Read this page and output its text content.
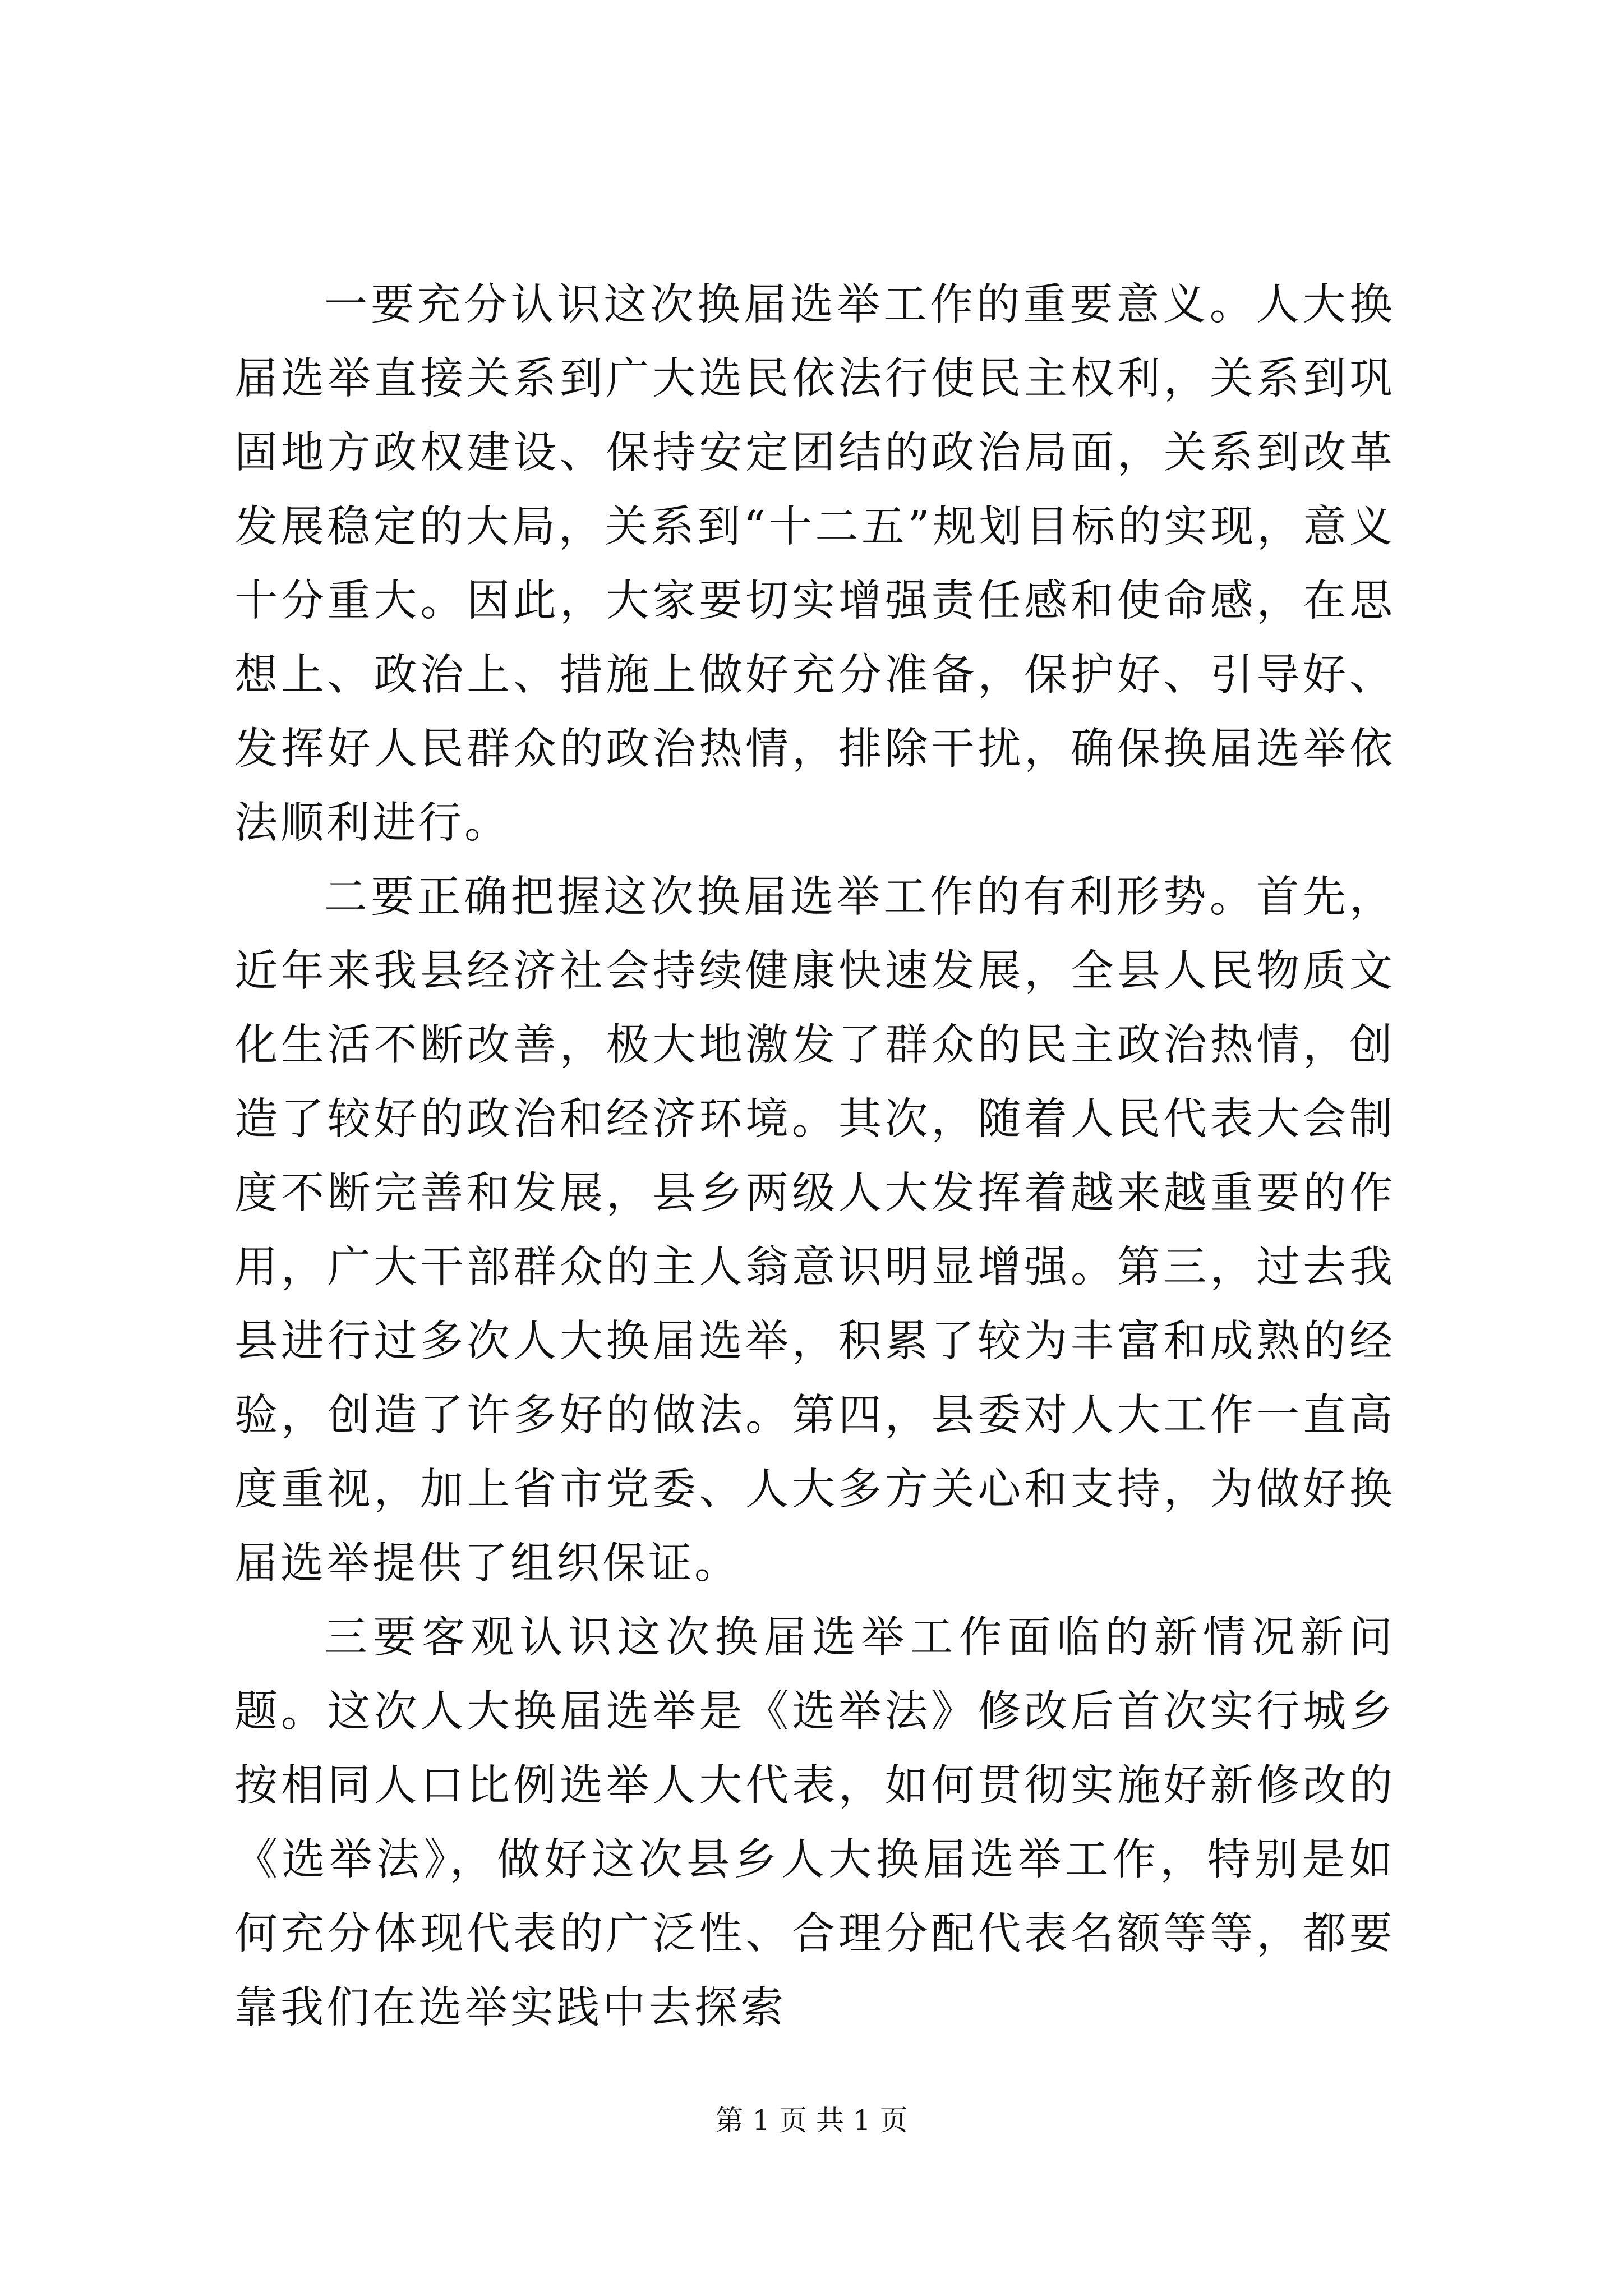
一要充分认识这次换届选举工作的重要意义。人大换届选举直接关系到广大选民依法行使民主权利，关系到巩固地方政权建设、保持安定团结的政治局面，关系到改革发展稳定的大局，关系到“十二五”规划目标的实现，意义十分重大。因此，大家要切实增强责任感和使命感，在思想上、政治上、措施上做好充分准备，保护好、引导好、发挥好人民群众的政治热情，排除干扰，确保换届选举依法顺利进行。

二要正确把握这次换届选举工作的有利形势。首先，近年来我县经济社会持续健康快速发展，全县人民物质文化生活不断改善，极大地激发了群众的民主政治热情，创造了较好的政治和经济环境。其次，随着人民代表大会制度不断完善和发展，县乡两级人大发挥着越来越重要的作用，广大干部群众的主人翁意识明显增强。第三，过去我县进行过多次人大换届选举，积累了较为丰富和成熟的经验，创造了许多好的做法。第四，县委对人大工作一直高度重视，加上省市党委、人大多方关心和支持，为做好换届选举提供了组织保证。

三要客观认识这次换届选举工作面临的新情况新问题。这次人大换届选举是《选举法》修改后首次实行城乡按相同人口比例选举人大代表，如何贯彻实施好新修改的《选举法》，做好这次县乡人大换届选举工作，特别是如何充分体现代表的广泛性、合理分配代表名额等等，都要靠我们在选举实践中去探索

第 1 页 共 1 页
